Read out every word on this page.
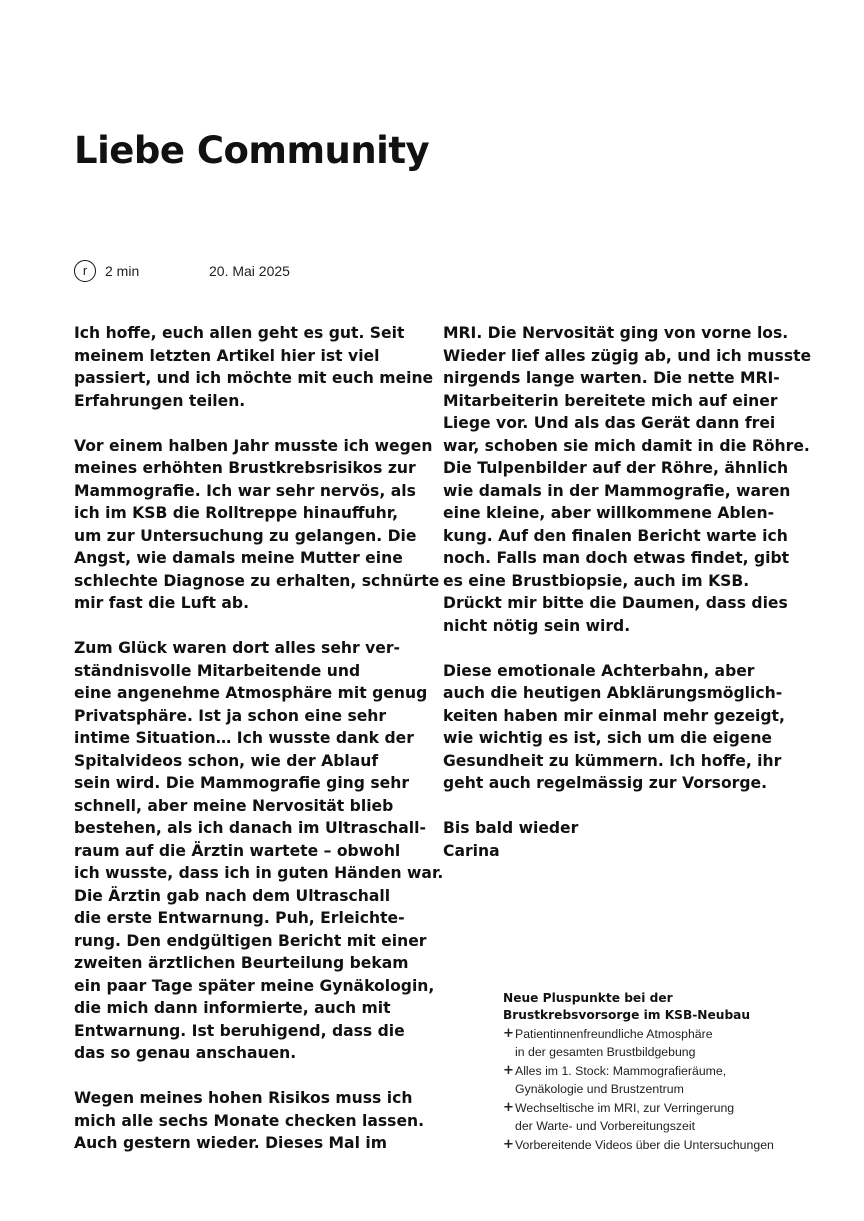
Liebe Community
r 2 min	20. Mai 2025

Ich hoffe, euch allen geht es gut. Seit
meinem letzten Artikel hier ist viel
passiert, und ich möchte mit euch meine
Erfahrungen teilen.

Vor einem halben Jahr musste ich wegen
meines erhöhten Brustkrebsrisikos zur
Mammografie. Ich war sehr nervös, als
ich im KSB die Rolltreppe hinauffuhr,
um zur Untersuchung zu gelangen. Die
Angst, wie damals meine Mutter eine
schlechte Diagnose zu erhalten, schnürte
mir fast die Luft ab.

Zum Glück waren dort alles sehr ver-
ständnisvolle Mitarbeitende und
eine angenehme Atmosphäre mit genug
Privatsphäre. Ist ja schon eine sehr
intime Situation… Ich wusste dank der
Spitalvideos schon, wie der Ablauf
sein wird. Die Mammografie ging sehr
schnell, aber meine Nervosität blieb
bestehen, als ich danach im Ultraschall-
raum auf die Ärztin wartete – obwohl
ich wusste, dass ich in guten Händen war.
Die Ärztin gab nach dem Ultraschall
die erste Entwarnung. Puh, Erleichte-
rung. Den endgültigen Bericht mit einer
zweiten ärztlichen Beurteilung bekam
ein paar Tage später meine Gynäkologin,
die mich dann informierte, auch mit
Entwarnung. Ist beruhigend, dass die
das so genau anschauen.

Wegen meines hohen Risikos muss ich
mich alle sechs Monate checken lassen.
Auch gestern wieder. Dieses Mal im

MRI. Die Nervosität ging von vorne los.
Wieder lief alles zügig ab, und ich musste
nirgends lange warten. Die nette MRI-
Mitarbeiterin bereitete mich auf einer
Liege vor. Und als das Gerät dann frei
war, schoben sie mich damit in die Röhre.
Die Tulpenbilder auf der Röhre, ähnlich
wie damals in der Mammografie, waren
eine kleine, aber willkommene Ablen-
kung. Auf den finalen Bericht warte ich
noch. Falls man doch etwas findet, gibt
es eine Brustbiopsie, auch im KSB.
Drückt mir bitte die Daumen, dass dies
nicht nötig sein wird.

Diese emotionale Achterbahn, aber
auch die heutigen Abklärungsmöglich-
keiten haben mir einmal mehr gezeigt,
wie wichtig es ist, sich um die eigene
Gesundheit zu kümmern. Ich hoffe, ihr
geht auch regelmässig zur Vorsorge.

Bis bald wieder
Carina

Neue Pluspunkte bei der
Brustkrebsvorsorge im KSB-Neubau
+ Patientinnenfreundliche Atmosphäre
in der gesamten Brustbildgebung
+ Alles im 1. Stock: Mammografieräume,
Gynäkologie und Brustzentrum
+ Wechseltische im MRI, zur Verringerung
der Warte- und Vorbereitungszeit
+ Vorbereitende Videos über die Untersuchungen
